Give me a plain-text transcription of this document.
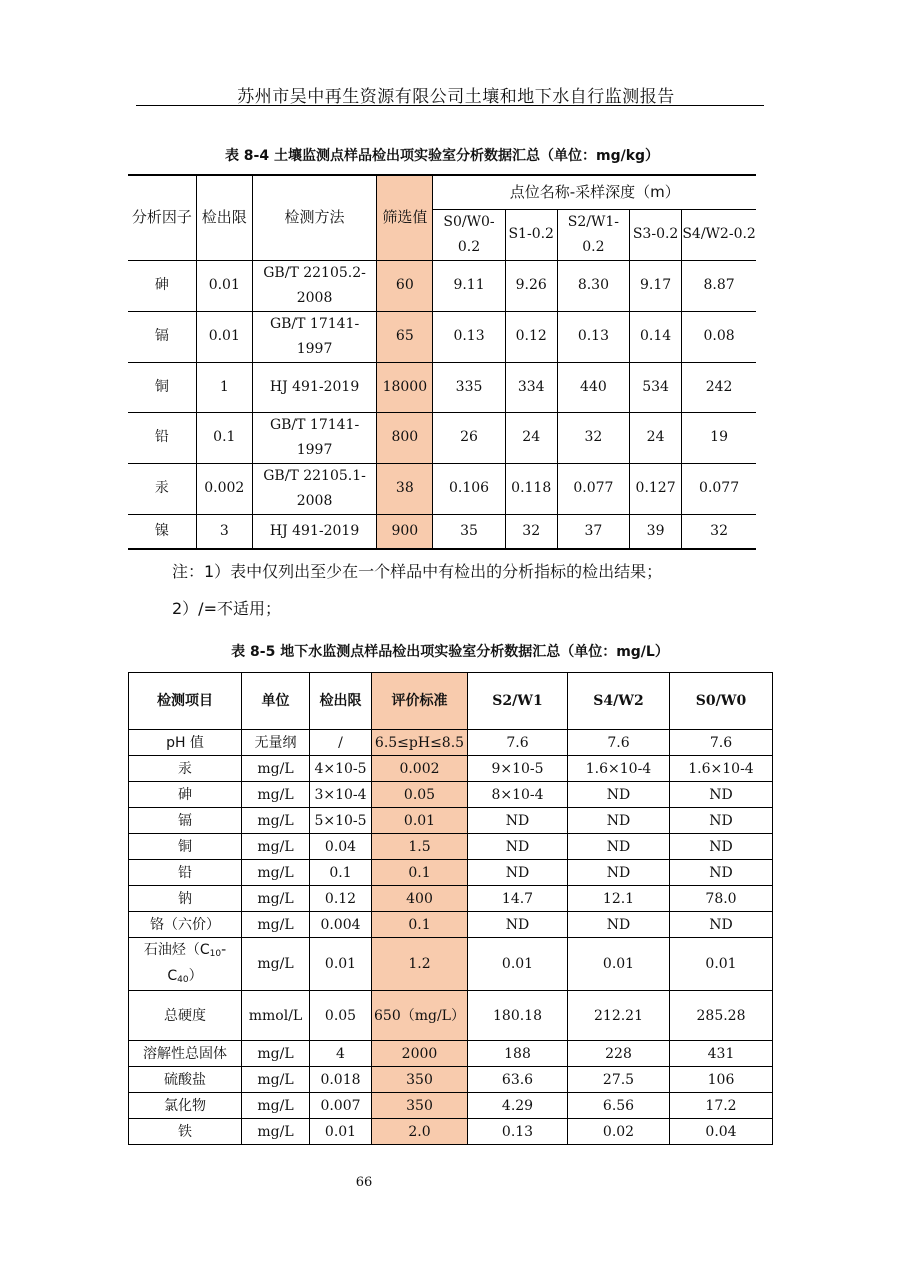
苏州市吴中再生资源有限公司土壤和地下水自行监测报告
表 8-4 土壤监测点样品检出项实验室分析数据汇总（单位：mg/kg）
分析因子	检出限	检测方法	筛选值	点位名称-采样深度（m）				
				S0/W0-0.2	S1-0.2	S2/W1-0.2	S3-0.2	S4/W2-0.2
砷	0.01	GB/T 22105.2-2008	60	9.11	9.26	8.30	9.17	8.87
镉	0.01	GB/T 17141-1997	65	0.13	0.12	0.13	0.14	0.08
铜	1	HJ 491-2019	18000	335	334	440	534	242
铅	0.1	GB/T 17141-1997	800	26	24	32	24	19
汞	0.002	GB/T 22105.1-2008	38	0.106	0.118	0.077	0.127	0.077
镍	3	HJ 491-2019	900	35	32	37	39	32
注：1）表中仅列出至少在一个样品中有检出的分析指标的检出结果；
2）/=不适用；
表 8-5 地下水监测点样品检出项实验室分析数据汇总（单位：mg/L）
检测项目	单位	检出限	评价标准	S2/W1	S4/W2	S0/W0
pH 值	无量纲	/	6.5≤pH≤8.5	7.6	7.6	7.6
汞	mg/L	4×10-5	0.002	9×10-5	1.6×10-4	1.6×10-4
砷	mg/L	3×10-4	0.05	8×10-4	ND	ND
镉	mg/L	5×10-5	0.01	ND	ND	ND
铜	mg/L	0.04	1.5	ND	ND	ND
铅	mg/L	0.1	0.1	ND	ND	ND
钠	mg/L	0.12	400	14.7	12.1	78.0
铬（六价）	mg/L	0.004	0.1	ND	ND	ND
石油烃$(C_{10}-C_{40})$	mg/L	0.01	1.2	0.01	0.01	0.01
总硬度	mmol/L	0.05	650（mg/L）	180.18	212.21	285.28
溶解性总固体	mg/L	4	2000	188	228	431
硫酸盐	mg/L	0.018	350	63.6	27.5	106
氯化物	mg/L	0.007	350	4.29	6.56	17.2
铁	mg/L	0.01	2.0	0.13	0.02	0.04
66
